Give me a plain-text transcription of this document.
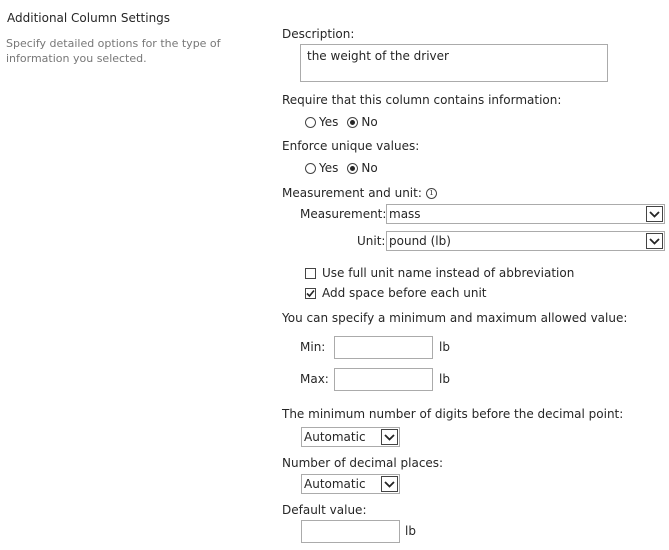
Additional Column Settings
Specify detailed options for the type of information you selected.
Description:
the weight of the driver
Require that this column contains information:
Yes No
Enforce unique values:
Yes No
Measurement and unit: i
Measurement: mass
Unit: pound (lb)
Use full unit name instead of abbreviation
Add space before each unit
You can specify a minimum and maximum allowed value:
Min:	lb
Max:	lb
The minimum number of digits before the decimal point:
Automatic
Number of decimal places:
Automatic
Default value:
lb
